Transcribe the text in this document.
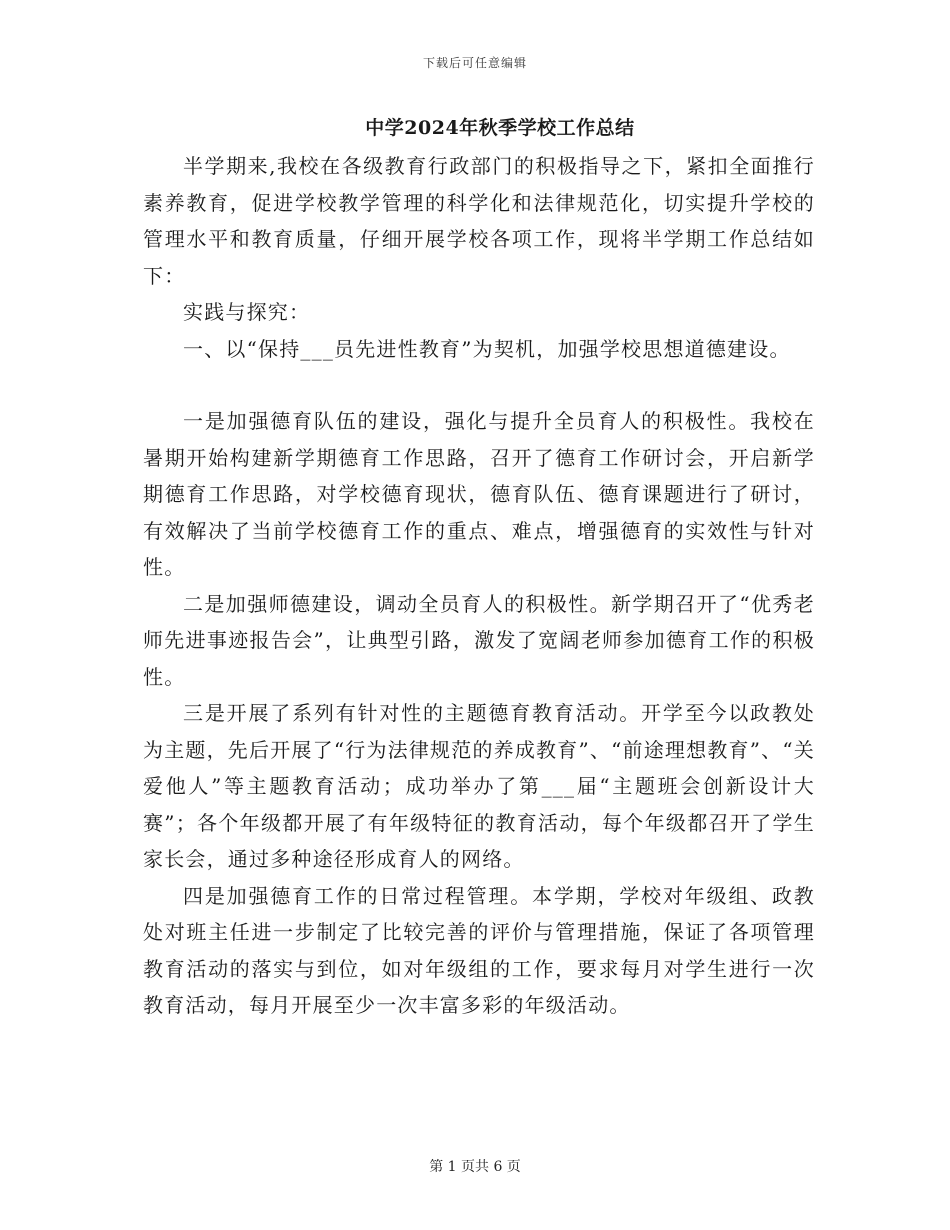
下载后可任意编辑
中学2024年秋季学校工作总结

半学期来,我校在各级教育行政部门的积极指导之下，紧扣全面推行素养教育，促进学校教学管理的科学化和法律规范化，切实提升学校的管理水平和教育质量，仔细开展学校各项工作，现将半学期工作总结如下：

实践与探究：

一、以“保持___员先进性教育”为契机，加强学校思想道德建设。

一是加强德育队伍的建设，强化与提升全员育人的积极性。我校在暑期开始构建新学期德育工作思路，召开了德育工作研讨会，开启新学期德育工作思路，对学校德育现状，德育队伍、德育课题进行了研讨，有效解决了当前学校德育工作的重点、难点，增强德育的实效性与针对性。

二是加强师德建设，调动全员育人的积极性。新学期召开了“优秀老师先进事迹报告会”，让典型引路，激发了宽阔老师参加德育工作的积极性。

三是开展了系列有针对性的主题德育教育活动。开学至今以政教处为主题，先后开展了“行为法律规范的养成教育”、“前途理想教育”、“关爱他人”等主题教育活动；成功举办了第___届“主题班会创新设计大赛”；各个年级都开展了有年级特征的教育活动，每个年级都召开了学生家长会，通过多种途径形成育人的网络。

四是加强德育工作的日常过程管理。本学期，学校对年级组、政教处对班主任进一步制定了比较完善的评价与管理措施，保证了各项管理教育活动的落实与到位，如对年级组的工作，要求每月对学生进行一次教育活动，每月开展至少一次丰富多彩的年级活动。

第 1 页共 6 页
